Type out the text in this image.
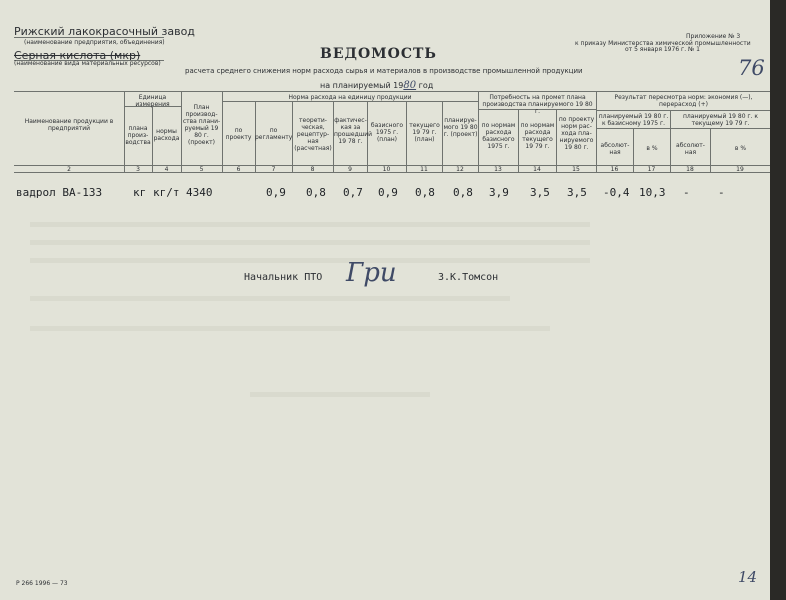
Рижский лакокрасочный завод
(наименование предприятия, объединения)
Серная кислота (мкр)
(наименование вида материальных ресурсов)
Приложение № 3
к приказу Министерства химической промышленности
от 5 января 1976 г. № 1
76
ВЕДОМОСТЬ
расчета среднего снижения норм расхода сырья и материалов в производстве промышленной продукции
на планируемый 1980 год
Наименование продукции в предприятий
Единица измерения
плана произ-водства
нормы расхода
План производ-ства плани-руемый 19 80 г. (проект)
Норма расхода на единицу продукции
по проекту
по регламенту
теорети-ческая, рецептур-ная (расчетная)
фактичес-кая за прошедший 19 78 г.
базисного 1975 г. (план)
текущего 19 79 г. (план)
планируе-мого 19 80 г. (проект)
Потребность на промет плана производства планируемого 19 80 г.
по нормам расхода базисного 1975 г.
по нормам расхода текущего 19 79 г.
по проекту норм рас-хода пла-нируемого 19 80 г.
Результат пересмотра норм: экономия (—), перерасход (+)
планируемый 19 80 г. к базисному 1975 г.
планируемый 19 80 г. к текущему 19 79 г.
абсолют-ная
в %	абсолют-ная
в %
2	3	4	5	6	7	8	9	10	11	12	13	14	15	16	17	18	19
вадрол ВА-133	кг кг/т 4340	0,9 0,8 0,7 0,9 0,8 0,8 3,9 3,5 3,5 -0,4 10,3 -	-
Начальник ПТО Гри	З.К.Томсон
Р 266 1996 — 73	14
